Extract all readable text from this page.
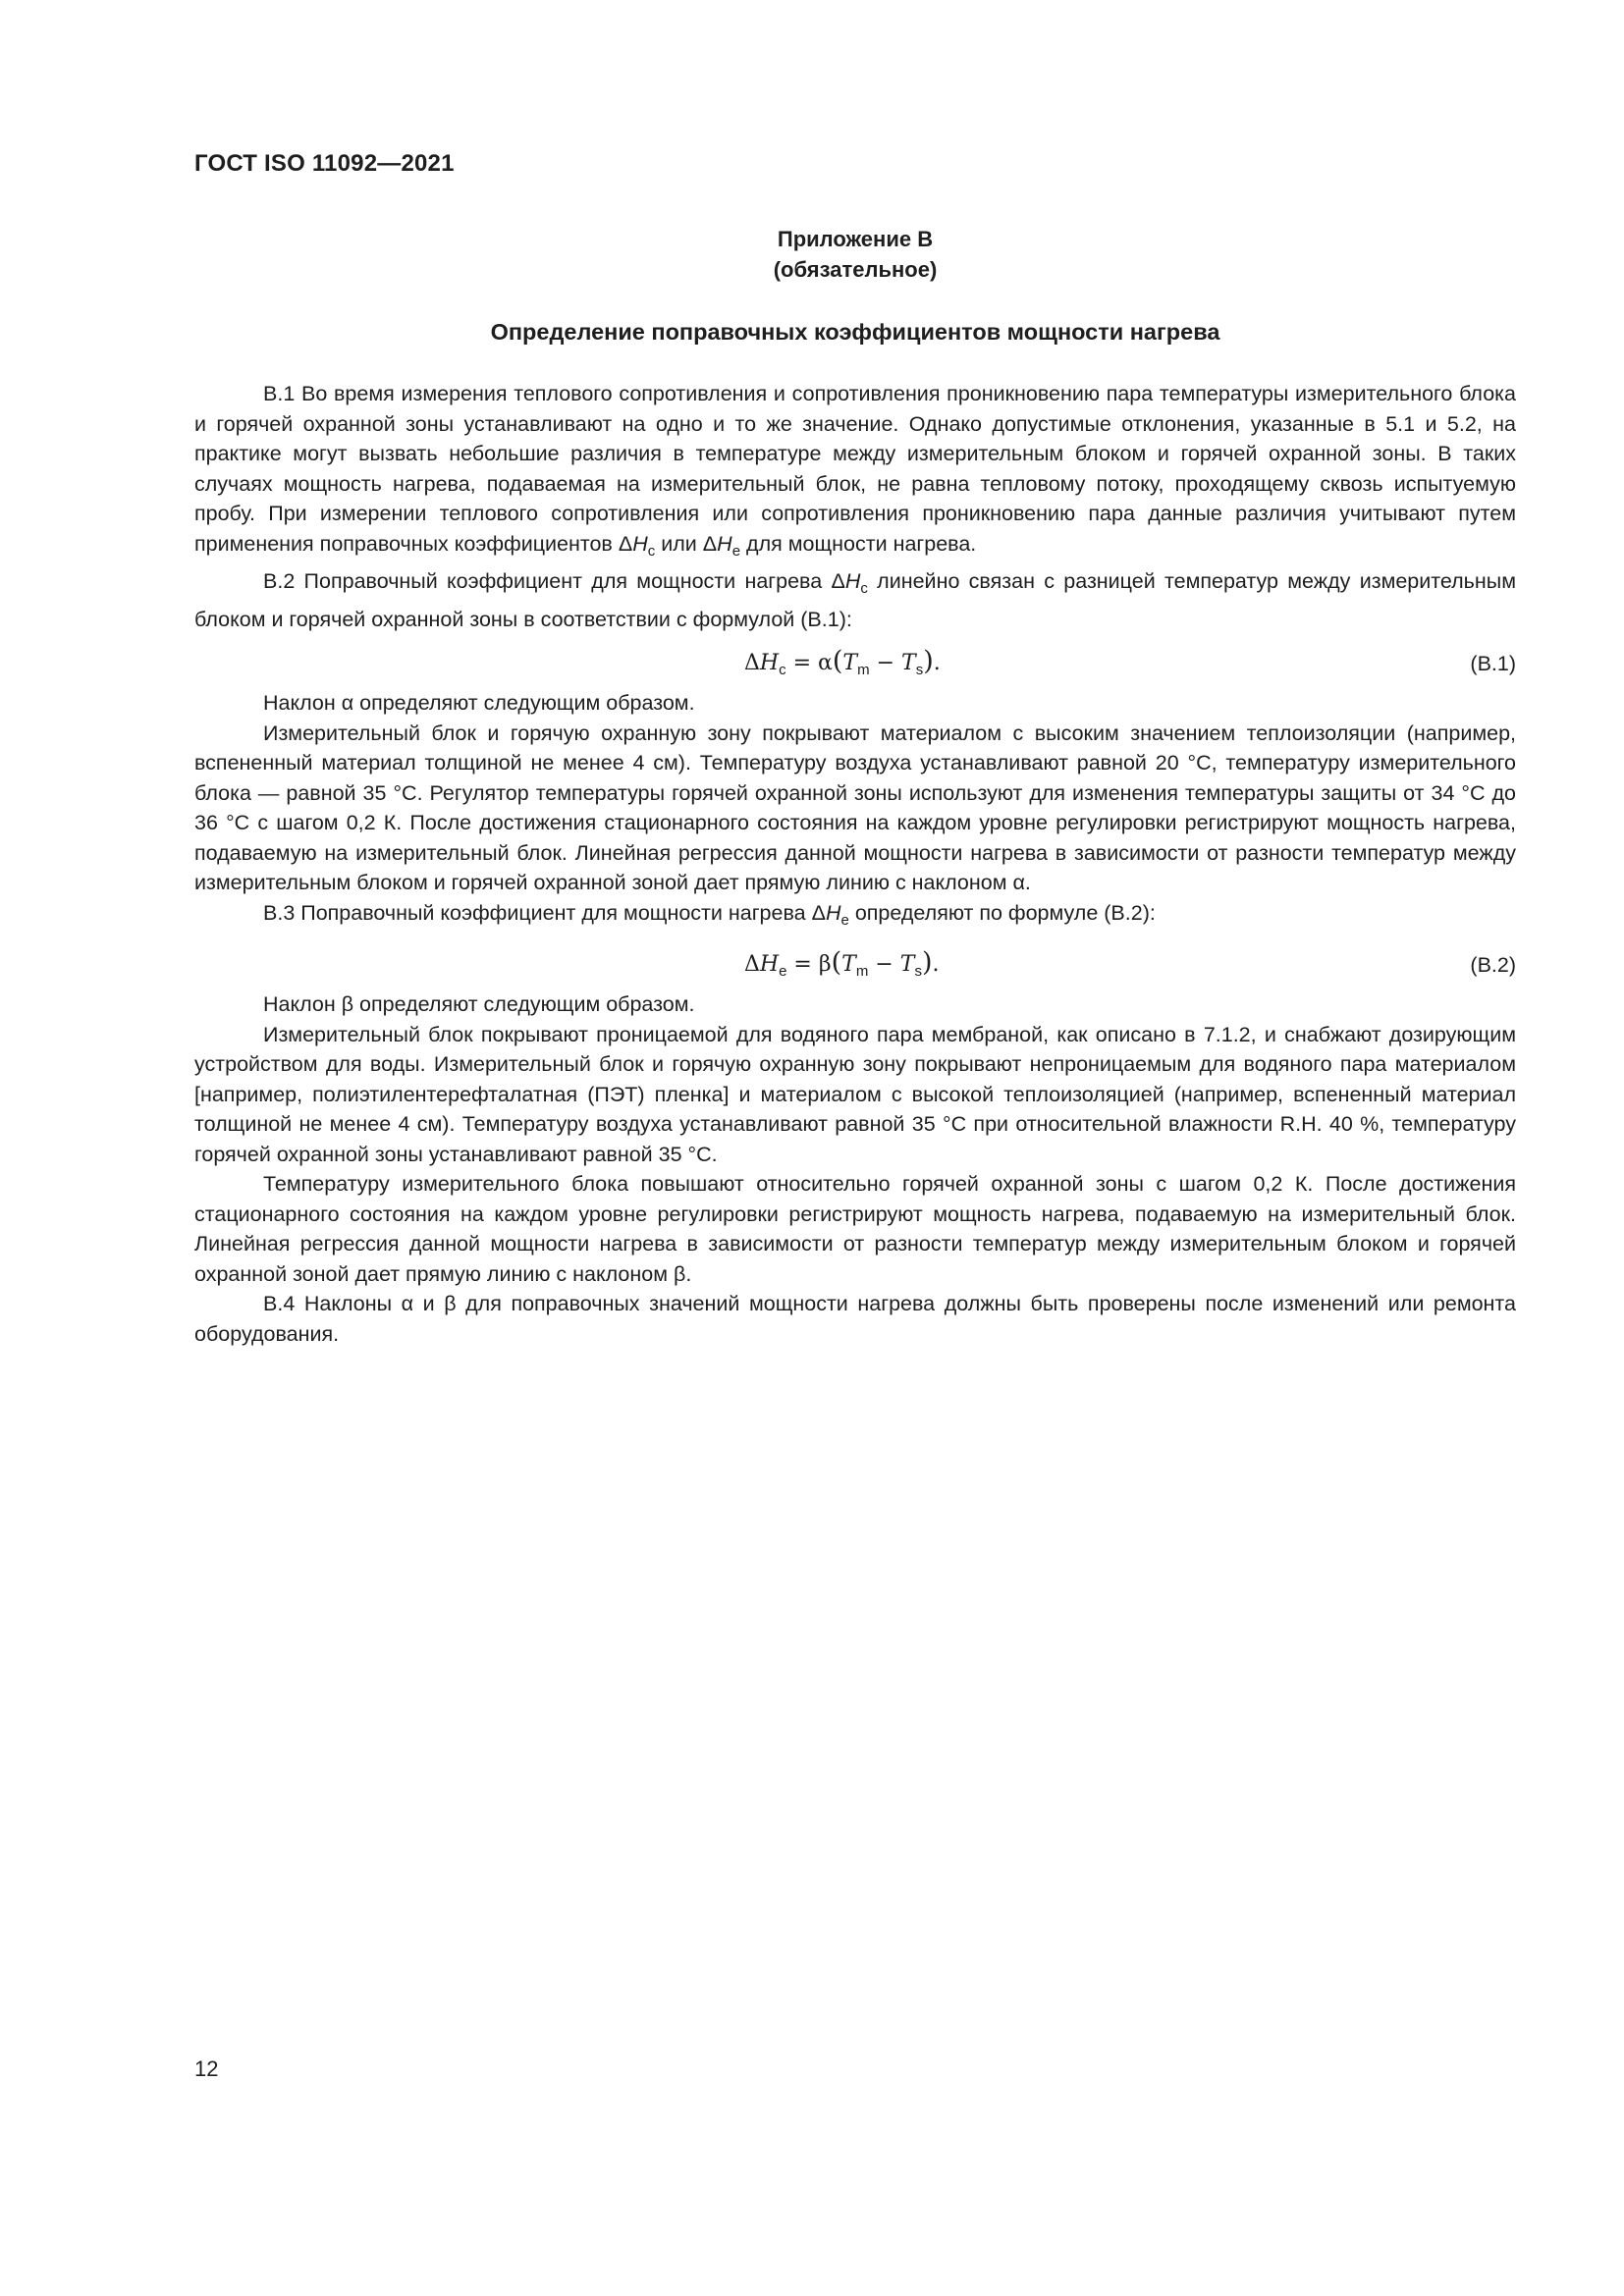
ГОСТ ISO 11092—2021
Приложение В
(обязательное)
Определение поправочных коэффициентов мощности нагрева

В.1 Во время измерения теплового сопротивления и сопротивления проникновению пара температуры измерительного блока и горячей охранной зоны устанавливают на одно и то же значение. Однако допустимые отклонения, указанные в 5.1 и 5.2, на практике могут вызвать небольшие различия в температуре между измерительным блоком и горячей охранной зоны. В таких случаях мощность нагрева, подаваемая на измерительный блок, не равна тепловому потоку, проходящему сквозь испытуемую пробу. При измерении теплового сопротивления или сопротивления проникновению пара данные различия учитывают путем применения поправочных коэффициентов $\Delta H_c$ или $\Delta H_e$ для мощности нагрева.

В.2 Поправочный коэффициент для мощности нагрева $\Delta H_c$ линейно связан с разницей температур между измерительным блоком и горячей охранной зоны в соответствии с формулой (В.1):

$\Delta H_c = \alpha(T_m - T_s)$.	(В.1)

Наклон α определяют следующим образом.

Измерительный блок и горячую охранную зону покрывают материалом с высоким значением теплоизоляции (например, вспененный материал толщиной не менее 4 см). Температуру воздуха устанавливают равной 20 °С, температуру измерительного блока — равной 35 °С. Регулятор температуры горячей охранной зоны используют для изменения температуры защиты от 34 °С до 36 °С с шагом 0,2 К. После достижения стационарного состояния на каждом уровне регулировки регистрируют мощность нагрева, подаваемую на измерительный блок. Линейная регрессия данной мощности нагрева в зависимости от разности температур между измерительным блоком и горячей охранной зоной дает прямую линию с наклоном α.

В.3 Поправочный коэффициент для мощности нагрева $\Delta H_e$ определяют по формуле (В.2):

$\Delta H_e = \beta(T_m - T_s)$.	(В.2)

Наклон β определяют следующим образом.

Измерительный блок покрывают проницаемой для водяного пара мембраной, как описано в 7.1.2, и снабжают дозирующим устройством для воды. Измерительный блок и горячую охранную зону покрывают непроницаемым для водяного пара материалом [например, полиэтилентерефталатная (ПЭТ) пленка] и материалом с высокой теплоизоляцией (например, вспененный материал толщиной не менее 4 см). Температуру воздуха устанавливают равной 35 °С при относительной влажности R.H. 40 %, температуру горячей охранной зоны устанавливают равной 35 °С.

Температуру измерительного блока повышают относительно горячей охранной зоны с шагом 0,2 К. После достижения стационарного состояния на каждом уровне регулировки регистрируют мощность нагрева, подаваемую на измерительный блок. Линейная регрессия данной мощности нагрева в зависимости от разности температур между измерительным блоком и горячей охранной зоной дает прямую линию с наклоном β.

В.4 Наклоны α и β для поправочных значений мощности нагрева должны быть проверены после изменений или ремонта оборудования.

12
